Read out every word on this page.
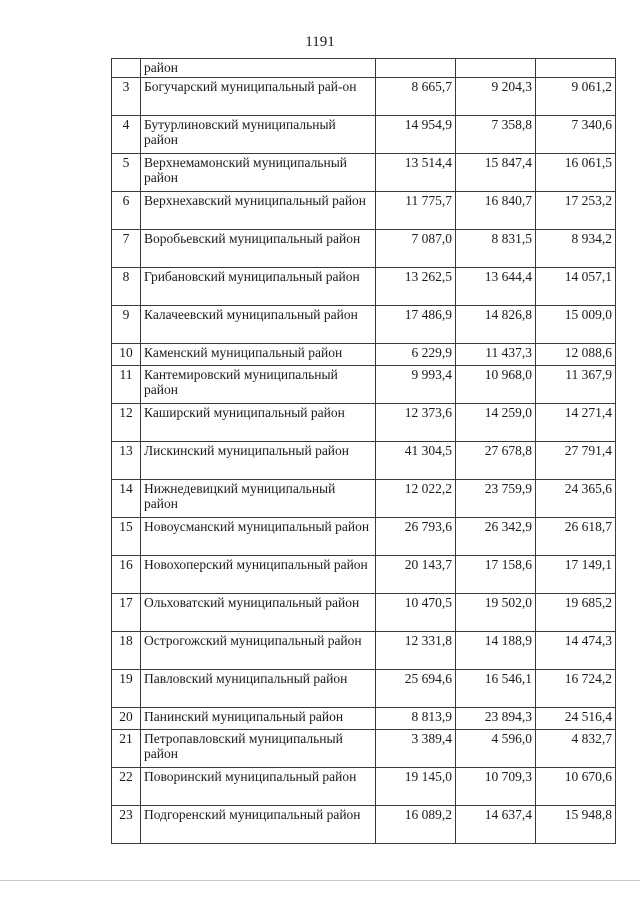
1191
	район			
3	Богучарский муниципальный рай-он	8 665,7	9 204,3	9 061,2
4	Бутурлиновский муниципальный район	14 954,9	7 358,8	7 340,6
5	Верхнемамонский муниципальный район	13 514,4	15 847,4	16 061,5
6	Верхнехавский муниципальный район	11 775,7	16 840,7	17 253,2
7	Воробьевский муниципальный район	7 087,0	8 831,5	8 934,2
8	Грибановский муниципальный район	13 262,5	13 644,4	14 057,1
9	Калачеевский муниципальный район	17 486,9	14 826,8	15 009,0
10	Каменский муниципальный район	6 229,9	11 437,3	12 088,6
11	Кантемировский муниципальный район	9 993,4	10 968,0	11 367,9
12	Каширский муниципальный район	12 373,6	14 259,0	14 271,4
13	Лискинский муниципальный район	41 304,5	27 678,8	27 791,4
14	Нижнедевицкий муниципальный район	12 022,2	23 759,9	24 365,6
15	Новоусманский муниципальный район	26 793,6	26 342,9	26 618,7
16	Новохоперский муниципальный район	20 143,7	17 158,6	17 149,1
17	Ольховатский муниципальный район	10 470,5	19 502,0	19 685,2
18	Острогожский муниципальный район	12 331,8	14 188,9	14 474,3
19	Павловский муниципальный район	25 694,6	16 546,1	16 724,2
20	Панинский муниципальный район	8 813,9	23 894,3	24 516,4
21	Петропавловский муниципальный район	3 389,4	4 596,0	4 832,7
22	Поворинский муниципальный район	19 145,0	10 709,3	10 670,6
23	Подгоренский муниципальный район	16 089,2	14 637,4	15 948,8
